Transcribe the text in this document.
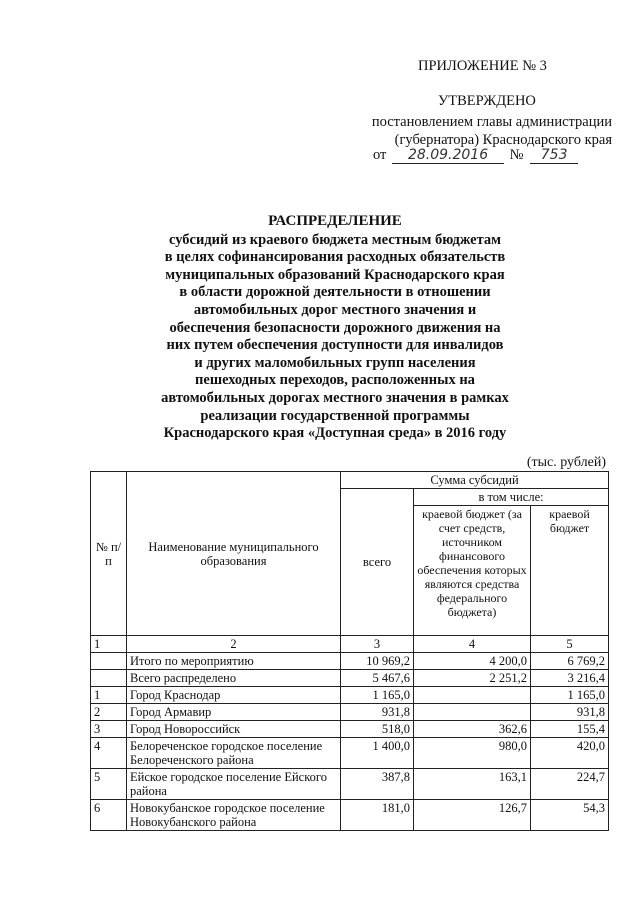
ПРИЛОЖЕНИЕ № 3
УТВЕРЖДЕНО
постановлением главы администрации
(губернатора) Краснодарского края
от 28.09.2016 № 753
РАСПРЕДЕЛЕНИЕ
субсидий из краевого бюджета местным бюджетам
в целях софинансирования расходных обязательств
муниципальных образований Краснодарского края
в области дорожной деятельности в отношении
автомобильных дорог местного значения и
обеспечения безопасности дорожного движения на
них путем обеспечения доступности для инвалидов
и других маломобильных групп населения
пешеходных переходов, расположенных на
автомобильных дорогах местного значения в рамках
реализации государственной программы
Краснодарского края «Доступная среда» в 2016 году
(тыс. рублей)
№ п/п	Наименование муниципального образования	Сумма субсидий		
		всего	в том числе:	
			краевой бюджет (за счет средств, источником финансового обеспечения которых являются средства федерального бюджета)	краевой бюджет
1	2	3	4	5
	Итого по мероприятию	10 969,2	4 200,0	6 769,2
	Всего распределено	5 467,6	2 251,2	3 216,4
1	Город Краснодар	1 165,0		1 165,0
2	Город Армавир	931,8		931,8
3	Город Новороссийск	518,0	362,6	155,4
4	Белореченское городское поселение Белореченского района	1 400,0	980,0	420,0
5	Ейское городское поселение Ейского района	387,8	163,1	224,7
6	Новокубанское городское поселение Новокубанского района	181,0	126,7	54,3
